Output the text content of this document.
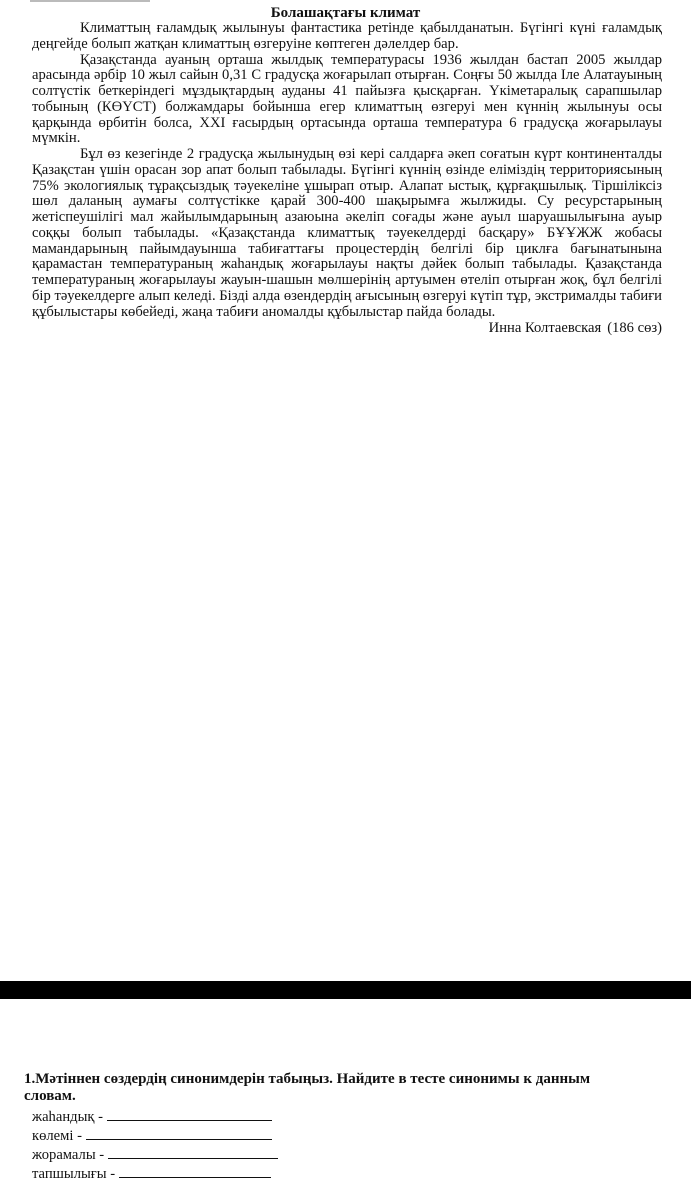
Болашақтағы климат

Климаттың ғаламдық жылынуы фантастика ретінде қабылданатын. Бүгінгі күні ғаламдық деңгейде болып жатқан климаттың өзгеруіне көптеген дәлелдер бар.

Қазақстанда ауаның орташа жылдық температурасы 1936 жылдан бастап 2005 жылдар арасында әрбір 10 жыл сайын 0,31 С градусқа жоғарылап отырған. Соңғы 50 жылда Іле Алатауының солтүстік беткеріндегі мұздықтардың ауданы 41 пайызға қысқарған. Үкіметаралық сарапшылар тобының (КӨҮСТ) болжамдары бойынша егер климаттың өзгеруі мен күннің жылынуы осы қарқында өрбитін болса, XXI ғасырдың ортасында орташа температура 6 градусқа жоғарылауы мүмкін.

Бұл өз кезегінде 2 градусқа жылынудың өзі кері салдарға әкеп соғатын күрт континенталды Қазақстан үшін орасан зор апат болып табылады. Бүгінгі күннің өзінде еліміздің территориясының 75% экологиялық тұрақсыздық тәуекеліне ұшырап отыр. Алапат ыстық, құрғақшылық. Тіршіліксіз шөл даланың аумағы солтүстікке қарай 300-400 шақырымға жылжиды. Су ресурстарының жетіспеушілігі мал жайылымдарының азаюына әкеліп соғады және ауыл шаруашылығына ауыр соққы болып табылады. «Қазақстанда климаттық тәуекелдерді басқару» БҰҰЖЖ жобасы мамандарының пайымдауынша табиғаттағы процестердің белгілі бір циклға бағынатынына қарамастан температураның жаһандық жоғарылауы нақты дәйек болып табылады. Қазақстанда температураның жоғарылауы жауын-шашын мөлшерінің артуымен өтеліп отырған жоқ, бұл белгілі бір тәуекелдерге алып келеді. Бізді алда өзендердің ағысының өзгеруі күтіп тұр, экстрималды табиғи құбылыстары көбейеді, жаңа табиғи аномалды құбылыстар пайда болады.

Инна Колтаевская (186 сөз)

1.Мәтіннен сөздердің синонимдерін табыңыз. Найдите в тесте синонимы к данным словам.
жаһандық -
көлемі -
жорамалы -
тапшылығы -
